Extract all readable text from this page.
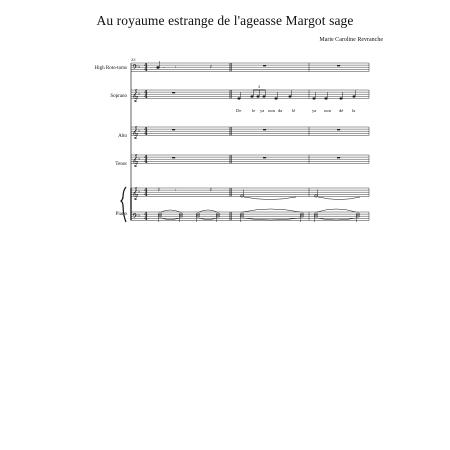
Au royaume estrange de l'ageasse Margot sage
Marie Caroline Revranche
High Roto-toms
Soprano
Alto
Tenor
Piano
De le ya oun da lé	ya oun dé la
4
4
♭
4
4
♭
4
4
♭
4
4
♭
4
4
♭
4
4
♭
33
𝄢
𝄞
𝄞
𝄞
𝄞
𝄢
• 𝄾	𝄽
3
𝄽
𝄾
𝄽
